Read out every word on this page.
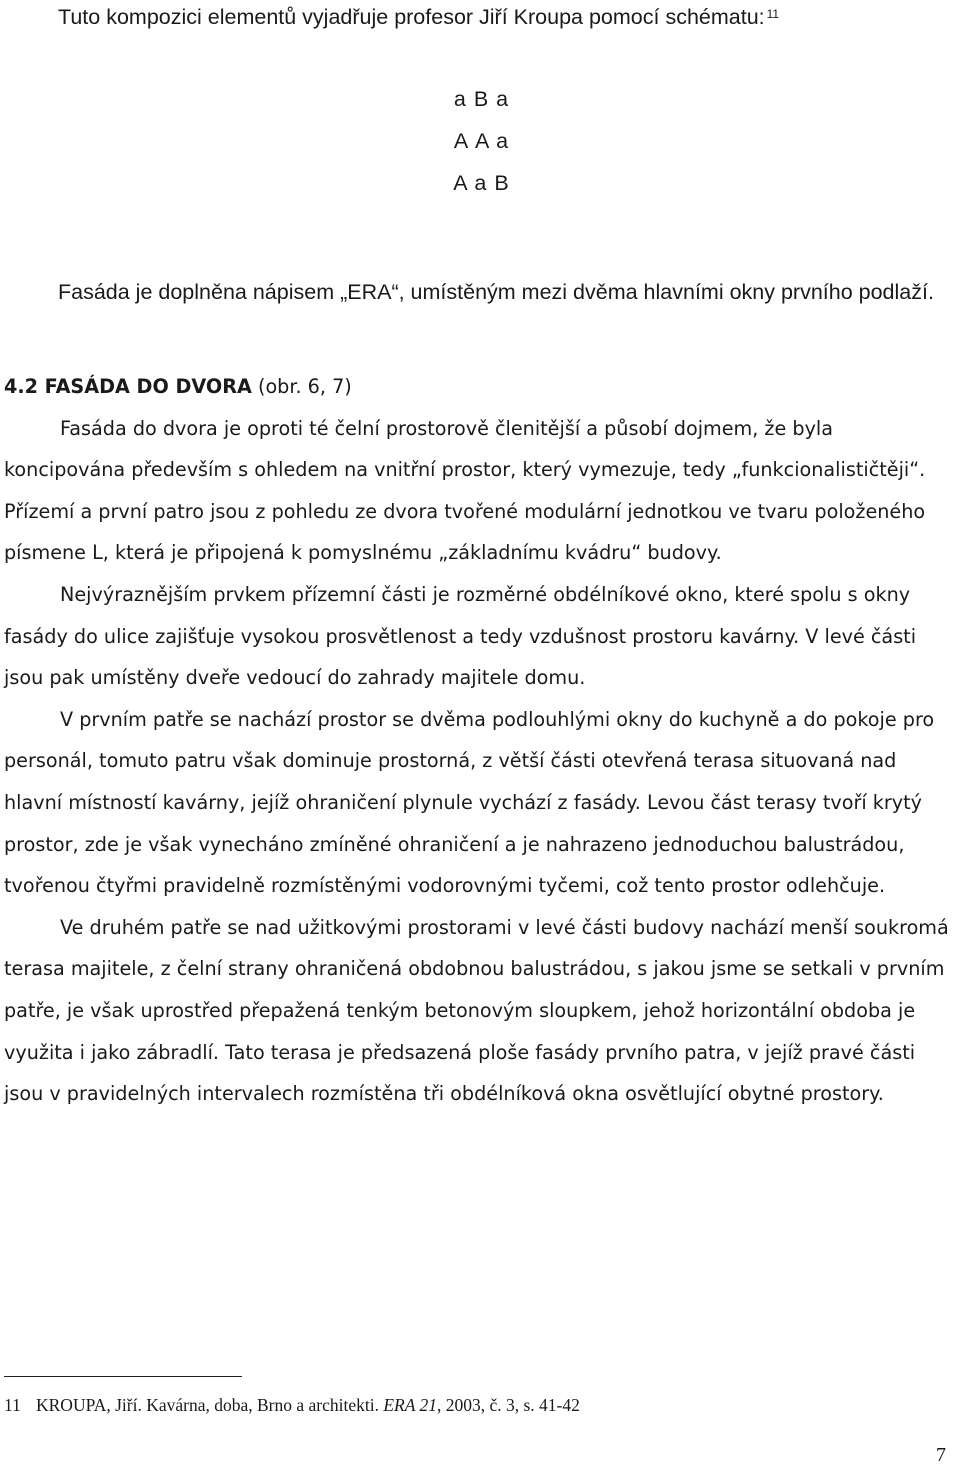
Tuto kompozici elementů vyjadřuje profesor Jiří Kroupa pomocí schématu: $^{11}$
a B a
A A a
A a B

Fasáda je doplněna nápisem „ERA“, umístěným mezi dvěma hlavními okny prvního podlaží.

4.2 FASÁDA DO DVORA (obr. 6, 7)

Fasáda do dvora je oproti té čelní prostorově členitější a působí dojmem, že byla koncipována především s ohledem na vnitřní prostor, který vymezuje, tedy „funkcionalističtěji“. Přízemí a první patro jsou z pohledu ze dvora tvořené modulární jednotkou ve tvaru položeného písmene L, která je připojená k pomyslnému „základnímu kvádru“ budovy.

Nejvýraznějším prvkem přízemní části je rozměrné obdélníkové okno, které spolu s okny fasády do ulice zajišťuje vysokou prosvětlenost a tedy vzdušnost prostoru kavárny. V levé části jsou pak umístěny dveře vedoucí do zahrady majitele domu.

V prvním patře se nachází prostor se dvěma podlouhlými okny do kuchyně a do pokoje pro personál, tomuto patru však dominuje prostorná, z větší části otevřená terasa situovaná nad hlavní místností kavárny, jejíž ohraničení plynule vychází z fasády. Levou část terasy tvoří krytý prostor, zde je však vynecháno zmíněné ohraničení a je nahrazeno jednoduchou balustrádou, tvořenou čtyřmi pravidelně rozmístěnými vodorovnými tyčemi, což tento prostor odlehčuje.

Ve druhém patře se nad užitkovými prostorami v levé části budovy nachází menší soukromá terasa majitele, z čelní strany ohraničená obdobnou balustrádou, s jakou jsme se setkali v prvním patře, je však uprostřed přepažená tenkým betonovým sloupkem, jehož horizontální obdoba je využita i jako zábradlí. Tato terasa je předsazená ploše fasády prvního patra, v jejíž pravé části jsou v pravidelných intervalech rozmístěna tři obdélníková okna osvětlující obytné prostory.

11 KROUPA, Jiří. Kavárna, doba, Brno a architekti. ERA 21, 2003, č. 3, s. 41-42
7
